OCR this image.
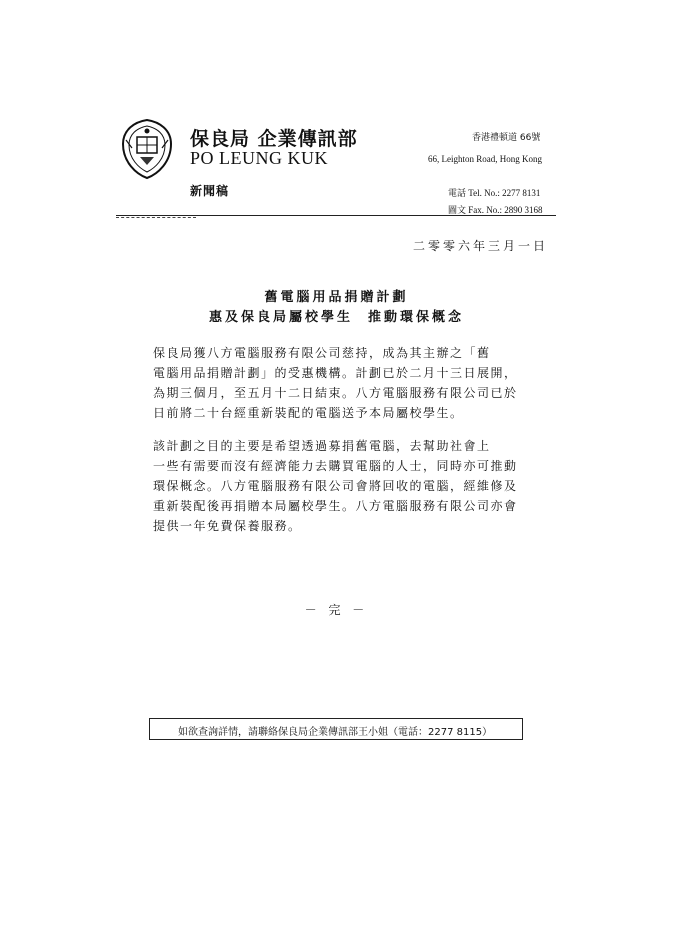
保良局 企業傳訊部
PO LEUNG KUK
香港禮頓道 66號
66, Leighton Road, Hong Kong
新聞稿	電話 Tel. No.: 2277 8131
圖文 Fax. No.: 2890 3168
二零零六年三月一日
舊電腦用品捐贈計劃
惠及保良局屬校學生  推動環保概念
保良局獲八方電腦服務有限公司慈持，成為其主辦之「舊
電腦用品捐贈計劃」的受惠機構。計劃已於二月十三日展開，
為期三個月，至五月十二日結束。八方電腦服務有限公司已於
日前將二十台經重新裝配的電腦送予本局屬校學生。
該計劃之目的主要是希望透過募捐舊電腦，去幫助社會上
一些有需要而沒有經濟能力去購買電腦的人士，同時亦可推動
環保概念。八方電腦服務有限公司會將回收的電腦，經維修及
重新裝配後再捐贈本局屬校學生。八方電腦服務有限公司亦會
提供一年免費保養服務。
－ 完 －
如欲查詢詳情，請聯絡保良局企業傳訊部王小姐（電話：2277 8115）
